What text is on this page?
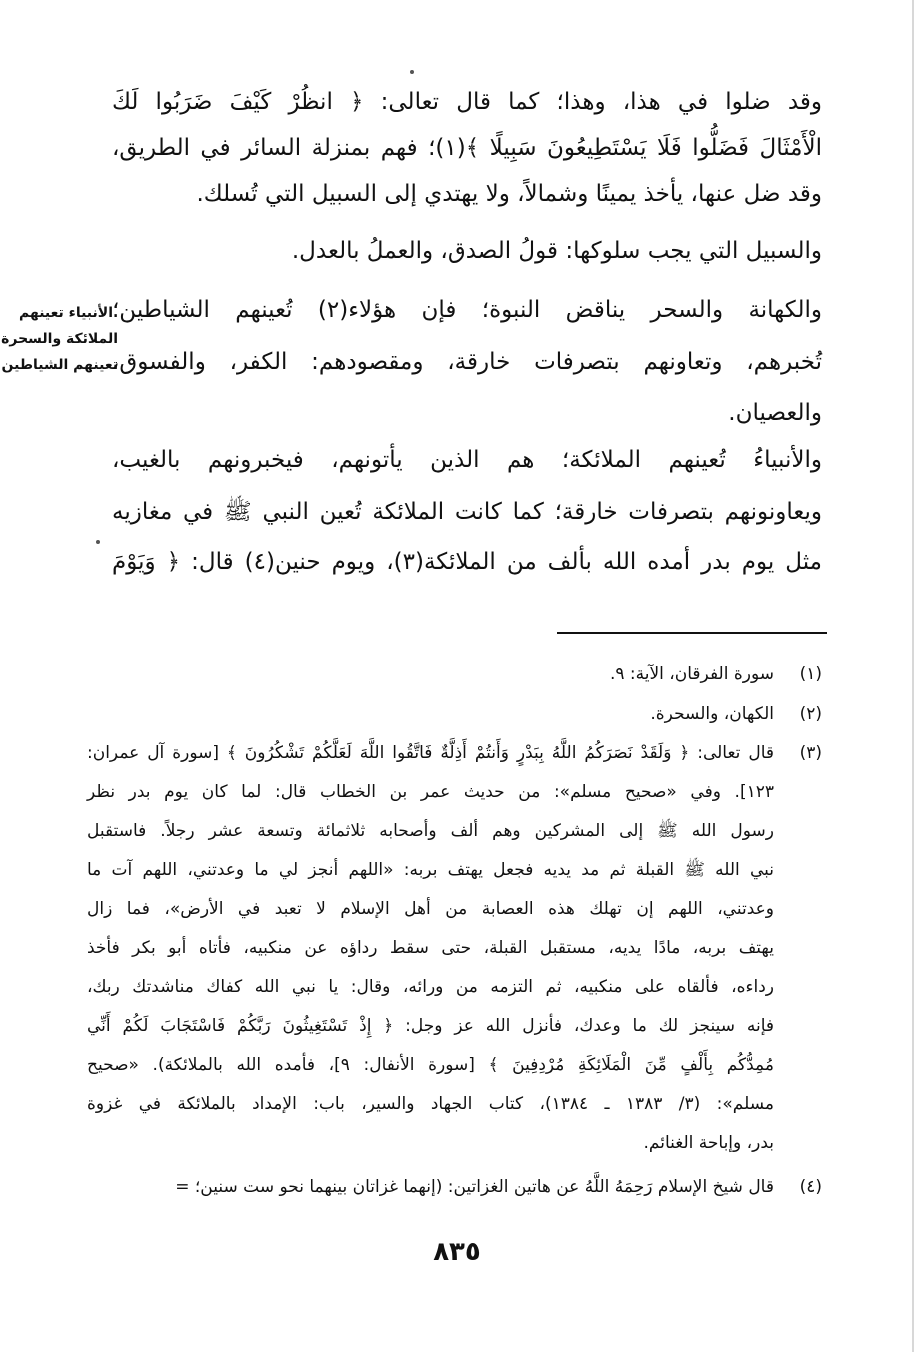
وقد ضلوا في هذا، وهذا؛ كما قال تعالى: ﴿ انظُرْ كَيْفَ ضَرَبُوا لَكَ
الْأَمْثَالَ فَضَلُّوا فَلَا يَسْتَطِيعُونَ سَبِيلًا ﴾(١)؛ فهم بمنزلة السائر في الطريق،
وقد ضل عنها، يأخذ يمينًا وشمالاً، ولا يهتدي إلى السبيل التي تُسلك.
والسبيل التي يجب سلوكها: قولُ الصدق، والعملُ بالعدل.
والكهانة والسحر يناقض النبوة؛ فإن هؤلاء(٢) تُعينهم الشياطين؛
تُخبرهم، وتعاونهم بتصرفات خارقة، ومقصودهم: الكفر، والفسوق،
والعصيان.
والأنبياءُ تُعينهم الملائكة؛ هم الذين يأتونهم، فيخبرونهم بالغيب،
ويعاونونهم بتصرفات خارقة؛ كما كانت الملائكة تُعين النبي ﷺ في مغازيه
مثل يوم بدر أمده الله بألف من الملائكة(٣)، ويوم حنين(٤) قال: ﴿ وَيَوْمَ
الأنبياء تعينهم
الملائكة والسحرة
تعينهم الشياطين
(١)
سورة الفرقان، الآية: ٩.
(٢)
الكهان، والسحرة.
(٣)
قال تعالى: ﴿ وَلَقَدْ نَصَرَكُمُ اللَّهُ بِبَدْرٍ وَأَنتُمْ أَذِلَّةٌ فَاتَّقُوا اللَّهَ لَعَلَّكُمْ تَشْكُرُونَ ﴾ [سورة آل عمران:
١٢٣]. وفي «صحيح مسلم»: من حديث عمر بن الخطاب قال: لما كان يوم بدر نظر
رسول الله ﷺ إلى المشركين وهم ألف وأصحابه ثلاثمائة وتسعة عشر رجلاً. فاستقبل
نبي الله ﷺ القبلة ثم مد يديه فجعل يهتف بربه: «اللهم أنجز لي ما وعدتني، اللهم آت ما
وعدتني، اللهم إن تهلك هذه العصابة من أهل الإسلام لا تعبد في الأرض»، فما زال
يهتف بربه، مادًا يديه، مستقبل القبلة، حتى سقط رداؤه عن منكبيه، فأتاه أبو بكر فأخذ
رداءه، فألقاه على منكبيه، ثم التزمه من ورائه، وقال: يا نبي الله كفاك مناشدتك ربك،
فإنه سينجز لك ما وعدك، فأنزل الله عز وجل: ﴿ إِذْ تَسْتَغِيثُونَ رَبَّكُمْ فَاسْتَجَابَ لَكُمْ أَنِّي
مُمِدُّكُم بِأَلْفٍ مِّنَ الْمَلَائِكَةِ مُرْدِفِينَ ﴾ [سورة الأنفال: ٩]، فأمده الله بالملائكة). «صحيح
مسلم»: (٣/ ١٣٨٣ ـ ١٣٨٤)، كتاب الجهاد والسير، باب: الإمداد بالملائكة في غزوة
بدر، وإباحة الغنائم.
(٤)
قال شيخ الإسلام رَحِمَهُ اللَّهُ عن هاتين الغزاتين: (إنهما غزاتان بينهما نحو ست سنين؛ =
٨٣٥
